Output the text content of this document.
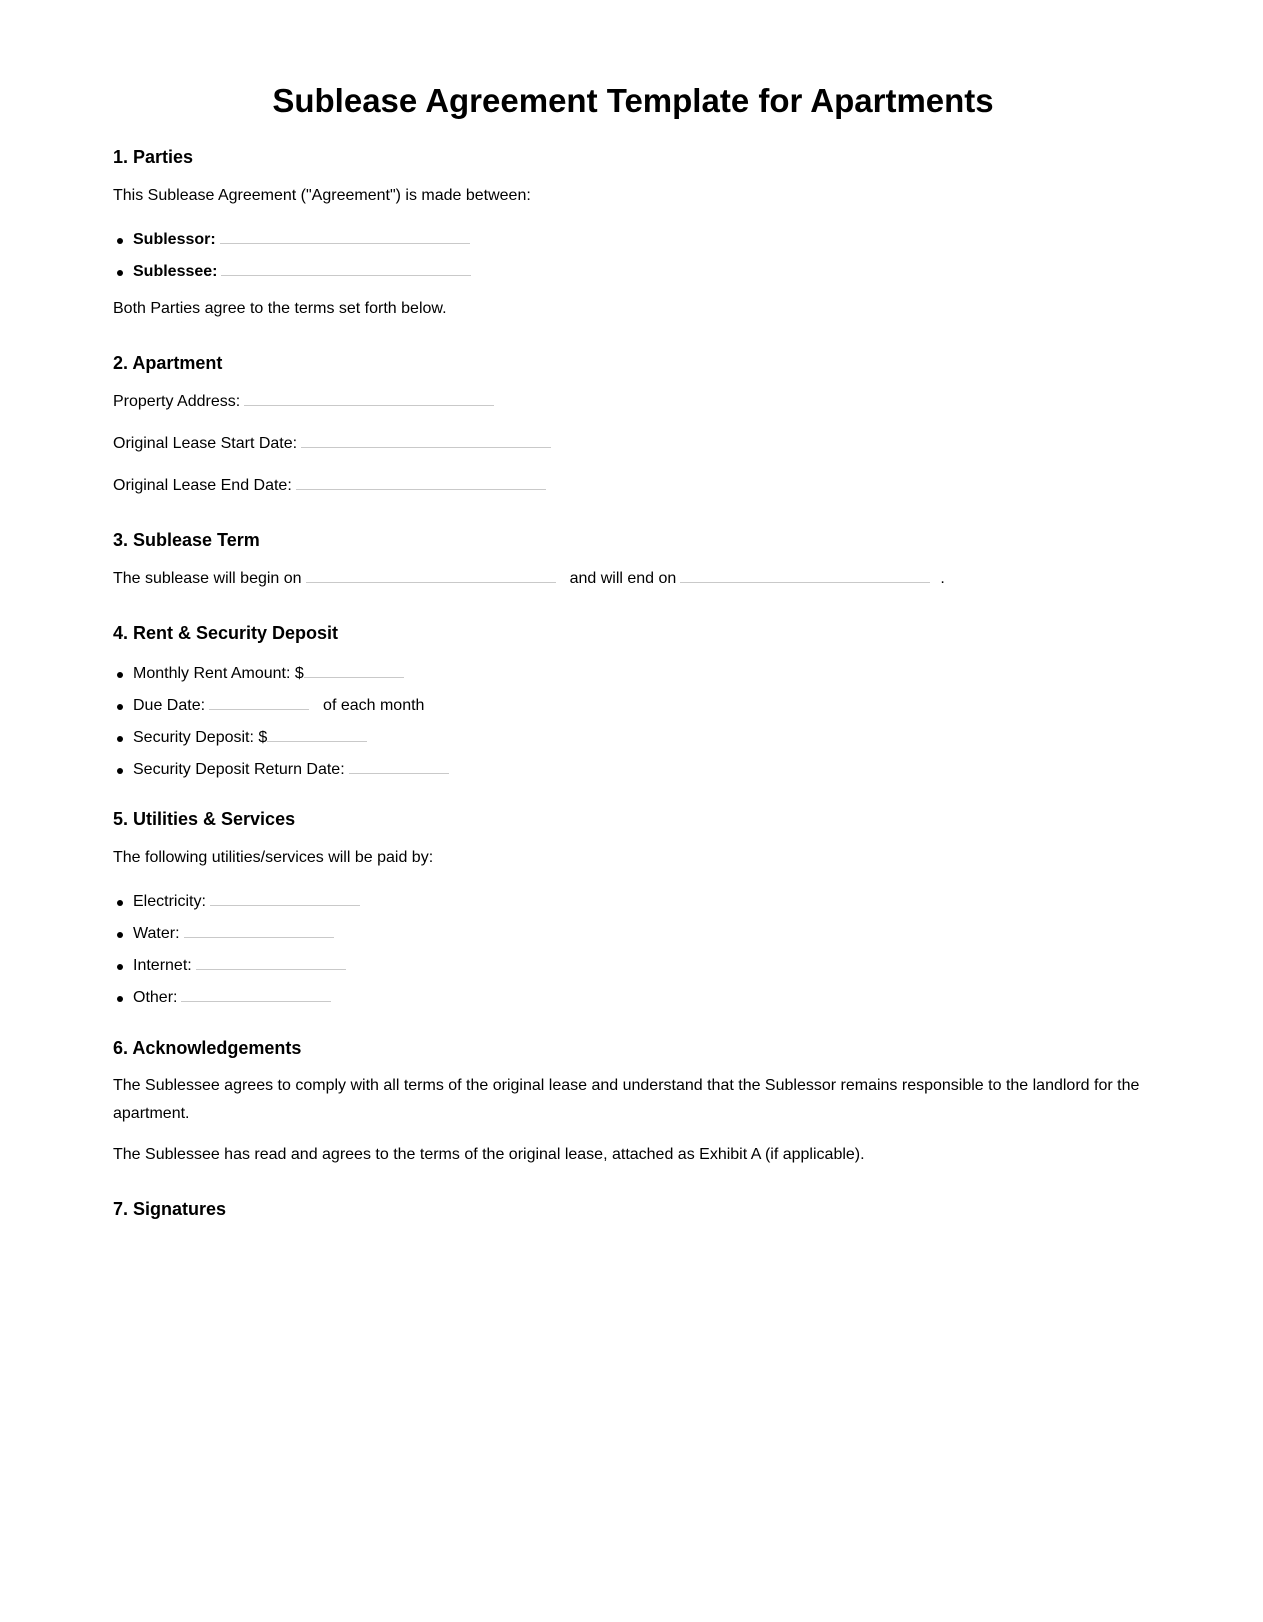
Sublease Agreement Template for Apartments
1. Parties

This Sublease Agreement ("Agreement") is made between:

Sublessor:
Sublessee:

Both Parties agree to the terms set forth below.

2. Apartment
Property Address:
Original Lease Start Date:
Original Lease End Date:
3. Sublease Term
The sublease will begin on	and will end on	.
4. Rent & Security Deposit
Monthly Rent Amount: $
Due Date:	of each month
Security Deposit: $
Security Deposit Return Date:
5. Utilities & Services

The following utilities/services will be paid by:

Electricity:
Water:
Internet:
Other:
6. Acknowledgements

The Sublessee agrees to comply with all terms of the original lease and understand that the Sublessor remains responsible to the landlord for the apartment.

The Sublessee has read and agrees to the terms of the original lease, attached as Exhibit A (if applicable).

7. Signatures
